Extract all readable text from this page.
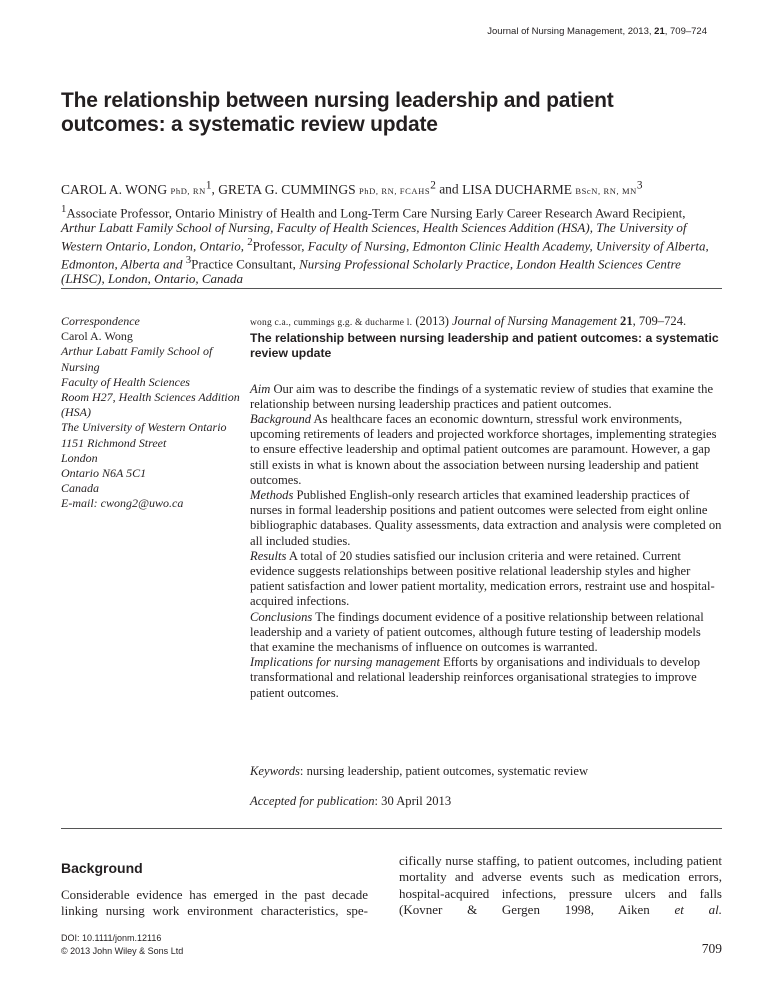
Journal of Nursing Management, 2013, 21, 709–724
The relationship between nursing leadership and patient outcomes: a systematic review update
CAROL A. WONG PhD, $RN^1$, GRETA G. CUMMINGS PhD, RN, FCAHS$^2$ and LISA DUCHARME BScN, RN, $MN^3$
$^1$Associate Professor, Ontario Ministry of Health and Long-Term Care Nursing Early Career Research Award Recipient, Arthur Labatt Family School of Nursing, Faculty of Health Sciences, Health Sciences Addition (HSA), The University of Western Ontario, London, Ontario, $^2$Professor, Faculty of Nursing, Edmonton Clinic Health Academy, University of Alberta, Edmonton, Alberta and $^3$Practice Consultant, Nursing Professional Scholarly Practice, London Health Sciences Centre (LHSC), London, Ontario, Canada
Correspondence
Carol A. Wong
Arthur Labatt Family School of Nursing
Faculty of Health Sciences
Room H27, Health Sciences Addition (HSA)
The University of Western Ontario
1151 Richmond Street
London
Ontario N6A 5C1
Canada
E-mail: cwong2@uwo.ca
wong c.a., cummings g.g. & ducharme l. (2013) Journal of Nursing Management 21, 709–724.
The relationship between nursing leadership and patient outcomes: a systematic review update
Aim Our aim was to describe the findings of a systematic review of studies that examine the relationship between nursing leadership practices and patient outcomes.
Background As healthcare faces an economic downturn, stressful work environments, upcoming retirements of leaders and projected workforce shortages, implementing strategies to ensure effective leadership and optimal patient outcomes are paramount. However, a gap still exists in what is known about the association between nursing leadership and patient outcomes.
Methods Published English-only research articles that examined leadership practices of nurses in formal leadership positions and patient outcomes were selected from eight online bibliographic databases. Quality assessments, data extraction and analysis were completed on all included studies.
Results A total of 20 studies satisfied our inclusion criteria and were retained. Current evidence suggests relationships between positive relational leadership styles and higher patient satisfaction and lower patient mortality, medication errors, restraint use and hospital-acquired infections.
Conclusions The findings document evidence of a positive relationship between relational leadership and a variety of patient outcomes, although future testing of leadership models that examine the mechanisms of influence on outcomes is warranted.
Implications for nursing management Efforts by organisations and individuals to develop transformational and relational leadership reinforces organisational strategies to improve patient outcomes.
Keywords: nursing leadership, patient outcomes, systematic review
Accepted for publication: 30 April 2013
Background
Considerable evidence has emerged in the past decade linking nursing work environment characteristics, spe-
cifically nurse staffing, to patient outcomes, including patient mortality and adverse events such as medication errors, hospital-acquired infections, pressure ulcers and falls (Kovner & Gergen 1998, Aiken et al.
DOI: 10.1111/jonm.12116
© 2013 John Wiley & Sons Ltd	709
